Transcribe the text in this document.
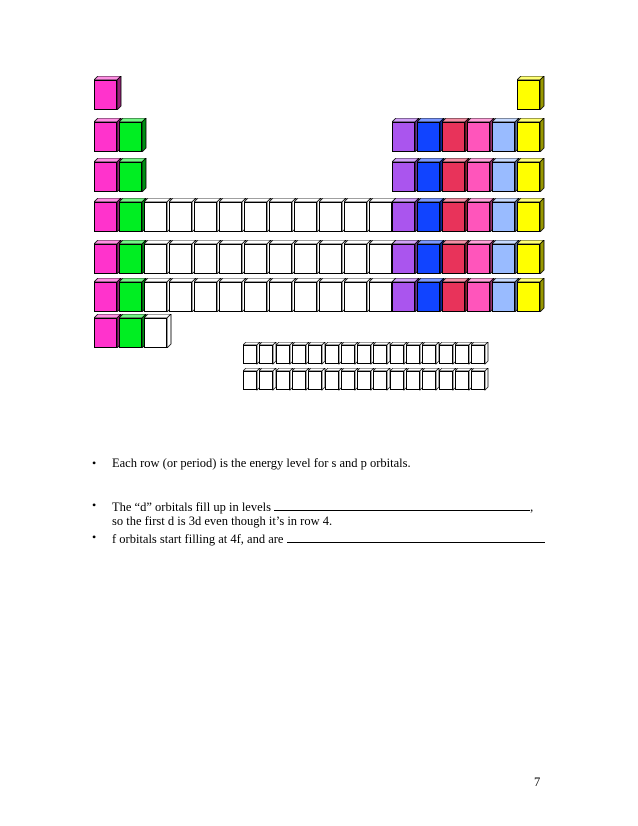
• Each row (or period) is the energy level for s and p orbitals.
• The “d” orbitals fill up in levels	,
so the first d is 3d even though it’s in row 4.
• f orbitals start filling at 4f, and are
7
